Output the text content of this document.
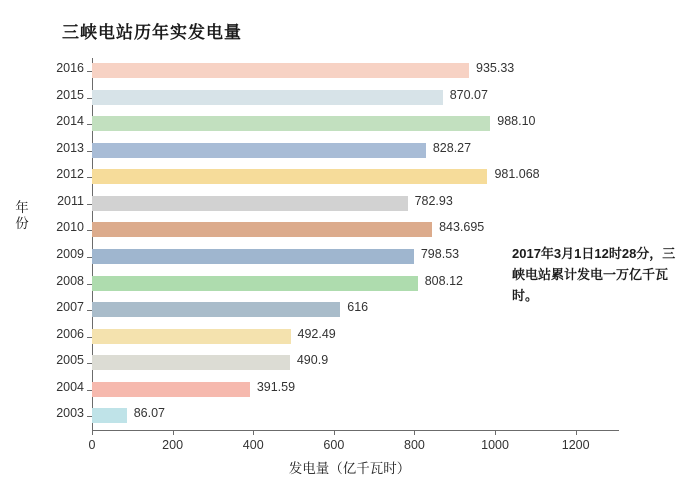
三峡电站历年实发电量
年份
935.33
870.07
988.10
828.27
981.068
782.93
843.695
798.53
808.12
616
492.49
490.9
391.59
86.07
0	200	400	600	800	1000	1200
发电量（亿千瓦时）
2017年3月1日12时28分，三峡电站累计发电一万亿千瓦时。
2016
2015
2014
2013
2012
2011
2010
2009
2008
2007
2006
2005
2004
2003
